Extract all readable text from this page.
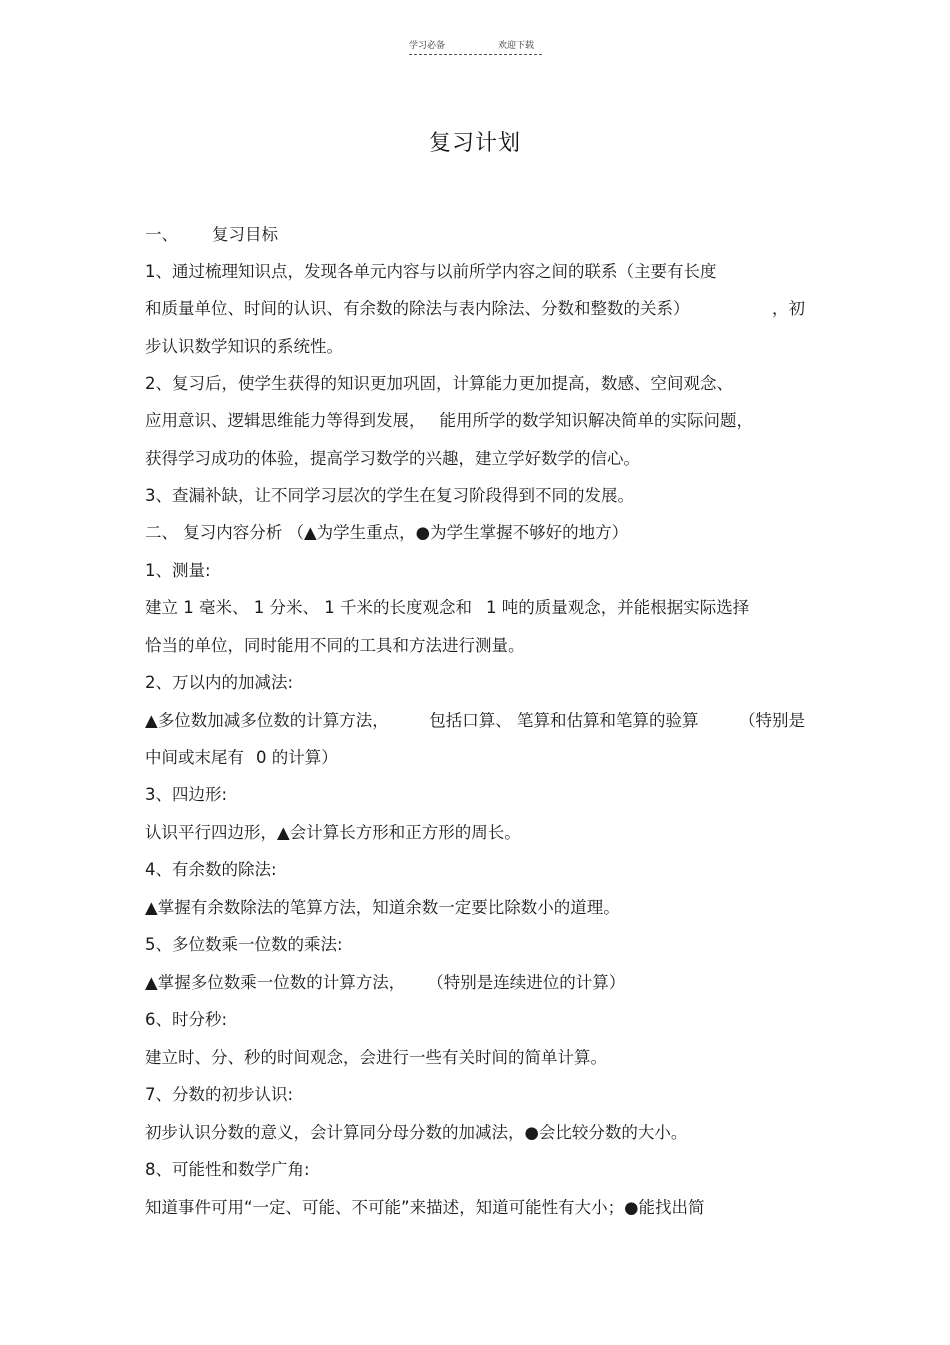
学习必备	欢迎下载
复习计划
一、 复习目标
1、通过梳理知识点，发现各单元内容与以前所学内容之间的联系（主要有长度
和质量单位、时间的认识、有余数的除法与表内除法、分数和整数的关系）	，初
步认识数学知识的系统性。
2、复习后，使学生获得的知识更加巩固，计算能力更加提高，数感、空间观念、
应用意识、逻辑思维能力等得到发展， 能用所学的数学知识解决简单的实际问题，
获得学习成功的体验，提高学习数学的兴趣，建立学好数学的信心。
3、查漏补缺，让不同学习层次的学生在复习阶段得到不同的发展。
二、 复习内容分析 （▲为学生重点，●为学生掌握不够好的地方）
1、测量:
建立 1 毫米、 1 分米、 1 千米的长度观念和 1 吨的质量观念，并能根据实际选择
恰当的单位，同时能用不同的工具和方法进行测量。
2、万以内的加减法:
▲多位数加减多位数的计算方法， 包括口算、 笔算和估算和笔算的验算 （特别是
中间或末尾有 0 的计算）
3、四边形:
认识平行四边形，▲会计算长方形和正方形的周长。
4、有余数的除法:
▲掌握有余数除法的笔算方法，知道余数一定要比除数小的道理。
5、多位数乘一位数的乘法:
▲掌握多位数乘一位数的计算方法， （特别是连续进位的计算）
6、时分秒:
建立时、分、秒的时间观念，会进行一些有关时间的简单计算。
7、分数的初步认识:
初步认识分数的意义，会计算同分母分数的加减法，●会比较分数的大小。
8、可能性和数学广角:
知道事件可用“一定、可能、不可能”来描述，知道可能性有大小；●能找出简
